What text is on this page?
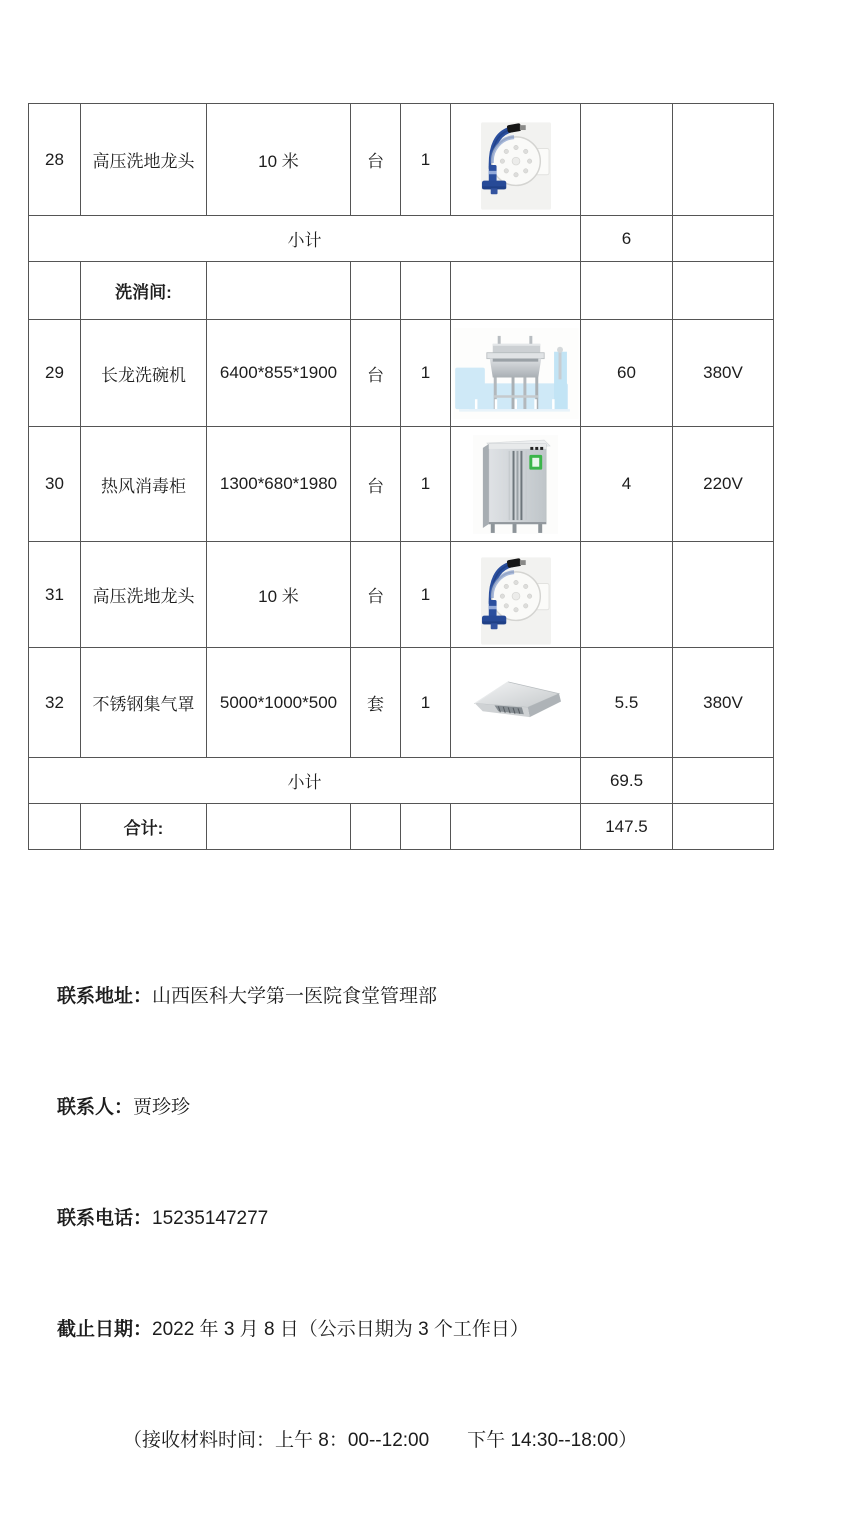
28	高压洗地龙头	10 米	台	1	

小计						6	
	洗消间:						
29	长龙洗碗机	6400*855*1900	台	1		60	380V
30	热风消毒柜	1300*680*1980	台	1		4	220V
31	高压洗地龙头	10 米	台	1	

32	不锈钢集气罩	5000*1000*500	套	1		5.5	380V
小计						69.5	
	合计:					147.5	

联系地址：山西医科大学第一医院食堂管理部

联系人：贾珍珍

联系电话：15235147277

截止日期：2022 年 3 月 8 日（公示日期为 3 个工作日）

（接收材料时间：上午 8：00--12:00　　下午 14:30--18:00）
